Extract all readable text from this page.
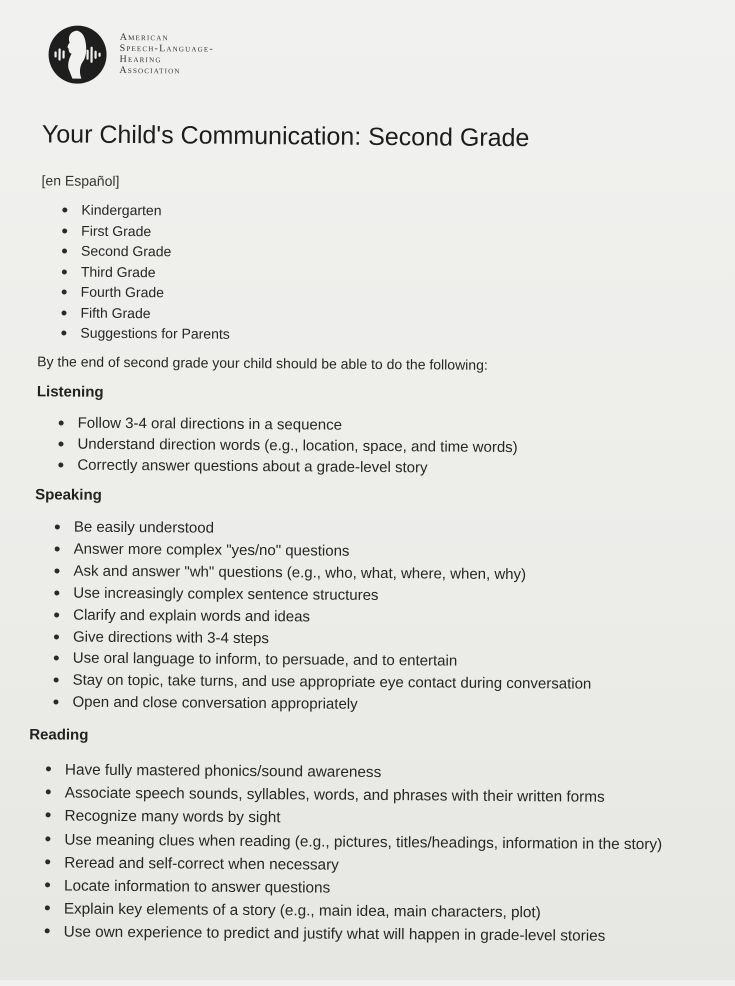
American
Speech-Language-
Hearing
Association
Your Child's Communication: Second Grade
[en Español]
Kindergarten
First Grade
Second Grade
Third Grade
Fourth Grade
Fifth Grade
Suggestions for Parents
By the end of second grade your child should be able to do the following:
Listening
Follow 3-4 oral directions in a sequence
Understand direction words (e.g., location, space, and time words)
Correctly answer questions about a grade-level story
Speaking
Be easily understood
Answer more complex "yes/no" questions
Ask and answer "wh" questions (e.g., who, what, where, when, why)
Use increasingly complex sentence structures
Clarify and explain words and ideas
Give directions with 3-4 steps
Use oral language to inform, to persuade, and to entertain
Stay on topic, take turns, and use appropriate eye contact during conversation
Open and close conversation appropriately
Reading
Have fully mastered phonics/sound awareness
Associate speech sounds, syllables, words, and phrases with their written forms
Recognize many words by sight
Use meaning clues when reading (e.g., pictures, titles/headings, information in the story)
Reread and self-correct when necessary
Locate information to answer questions
Explain key elements of a story (e.g., main idea, main characters, plot)
Use own experience to predict and justify what will happen in grade-level stories
